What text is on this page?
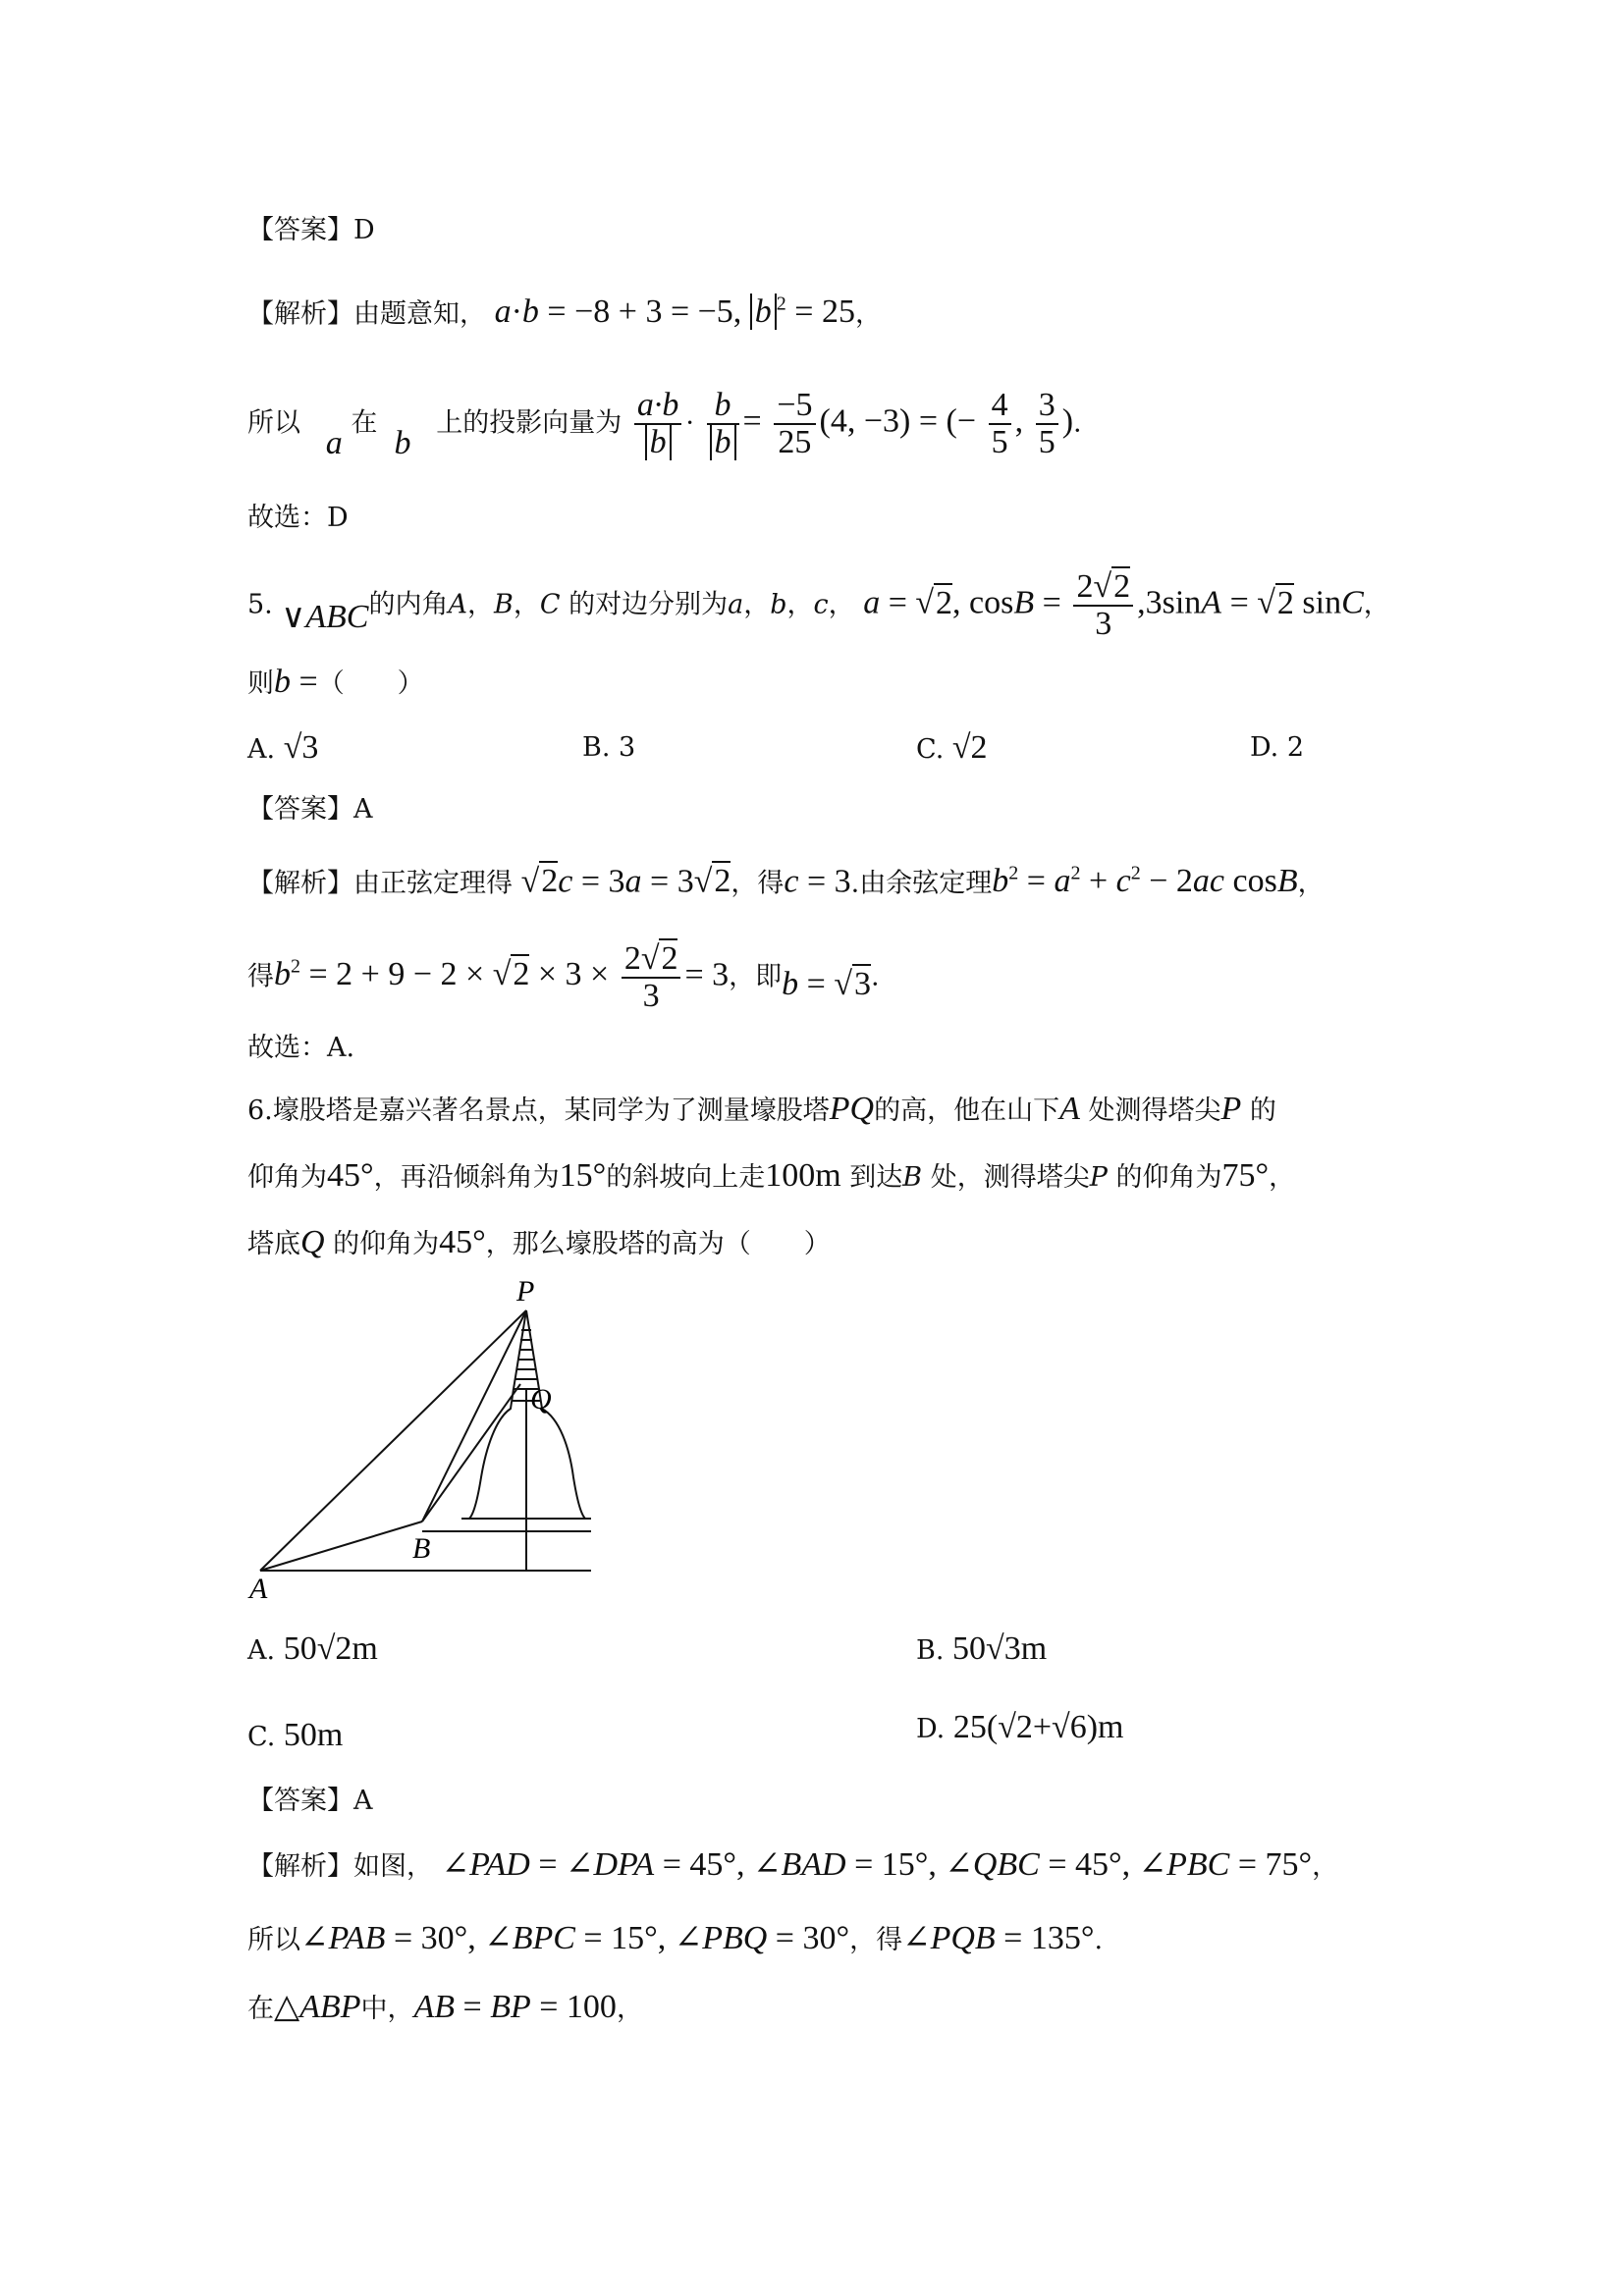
【答案】D
【解析】由题意知， a·b = −8 + 3 = −5, b $^2$ = 25，
所以   a 在  b   上的投影向量为 $\frac{a\cdot b}{b} \cdot \frac{b}{b} = \frac{-5}{25} (4$, −3) = (− $\frac{4}{5}$ , $\frac{3}{5}$ ).
故选：D
5. ∨ABC的内角A，B，C 的对边分别为a，b，c， a = √2, $\cos B = \frac{2√2}{3} ,3\sin A = √2$ sinC，
则b =（　　）
A. √3	B. 3	C. √2	D. 2
【答案】A
【解析】由正弦定理得 √2c = 3a = 3√2，得c = 3.由余弦定理$b^2 = a^2 + c^2 - 2ac$ cosB，
得$b^2 = 2 + 9 - 2 \times √2 \times 3 \times \frac{2√2}{3} = 3$，即b = √3.
故选：A.
6.壕股塔是嘉兴著名景点，某同学为了测量壕股塔PQ的高，他在山下A 处测得塔尖P 的
仰角为45°，再沿倾斜角为15°的斜坡向上走100m 到达B 处，测得塔尖P 的仰角为75°，
塔底Q 的仰角为45°，那么壕股塔的高为（　　）
P
Q
B
A
A. 50√2m	B. 50√3m
C. 50m	D. 25(√2+√6)m
【答案】A
【解析】如图， ∠PAD = ∠DPA = 45°, ∠BAD = 15°, ∠QBC = 45°, ∠PBC = 75°，
所以∠PAB = 30°, ∠BPC = 15°, ∠PBQ = 30°，得∠PQB = 135°.
在△ABP中，AB = BP = 100，
